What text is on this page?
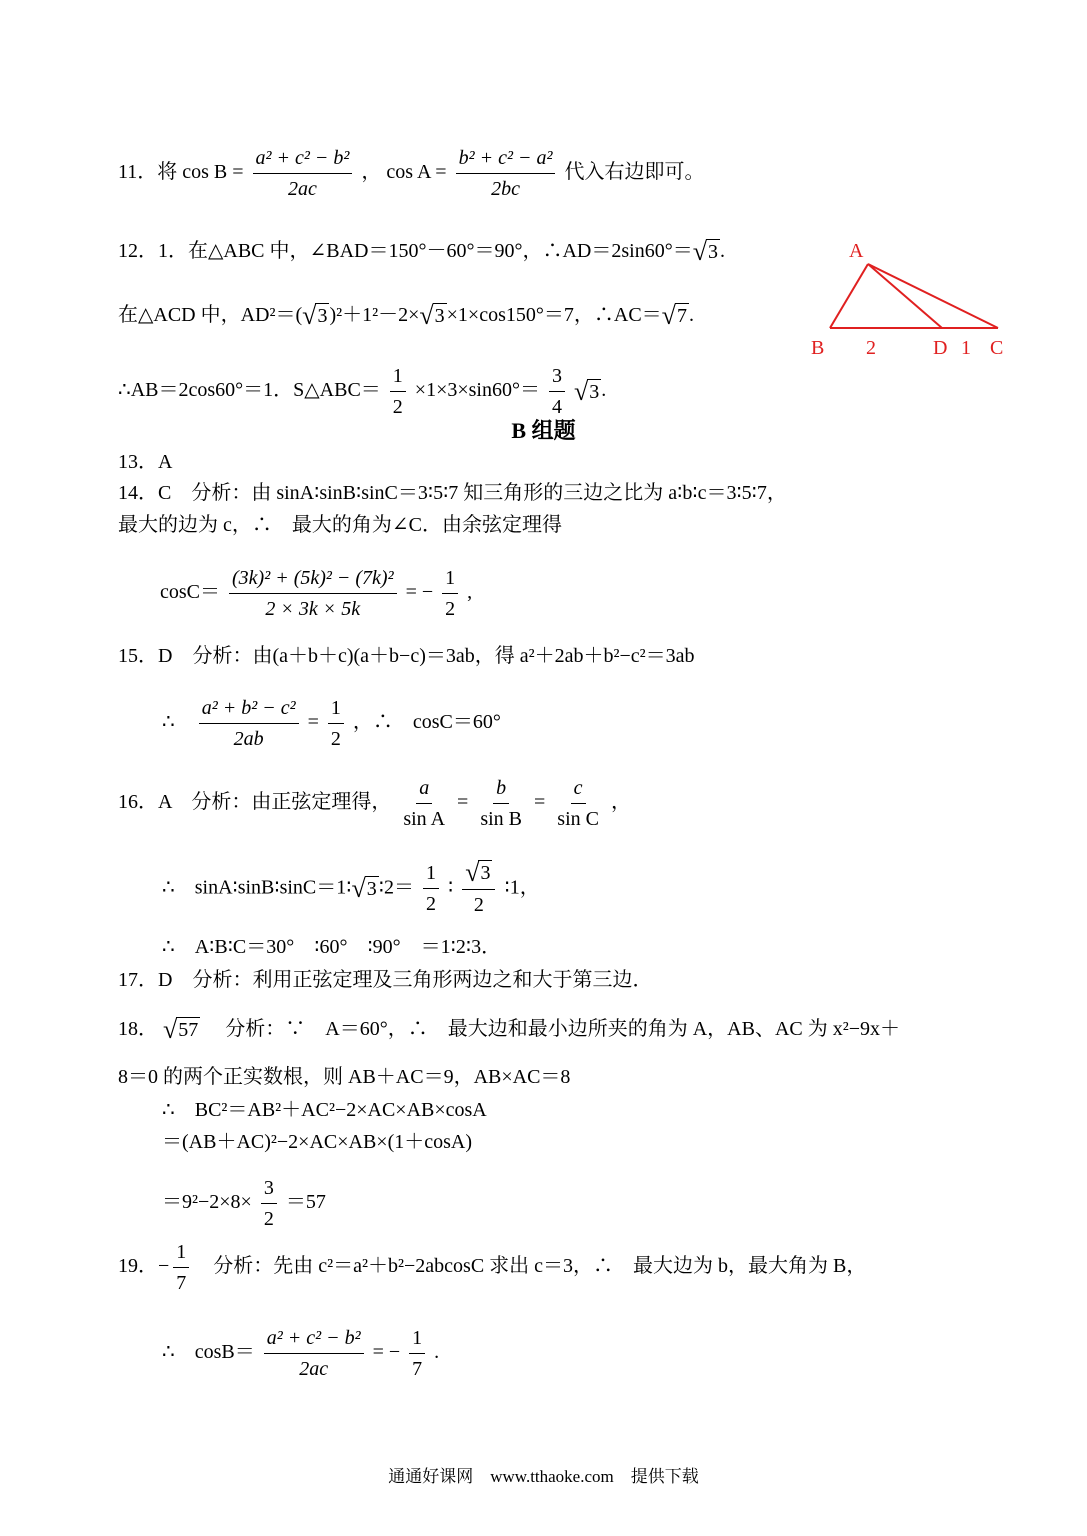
11．将 $\cos B = \frac{\text{a² + c² − b²}}{2ac}$ ， $\cos A = \frac{\text{b² + c² − a²}}{2bc}$ 代入右边即可。
12．1．在△ABC 中，∠BAD＝150°－60°＝90°，∴AD＝2sin60°＝ √ 3 .
在△ACD 中，AD²＝( √ 3 )²＋1²－2× √ 3 ×1×cos150°＝7，∴AC＝ √ 7 .
∴AB＝2cos60°＝1．S△ABC＝ $\frac{1}{2} \times 1\times 3\times\sin 60^\circ= \frac{3}{4}$
√ 3 .
A
B 2	D 1 C
B 组题
13．A
14．C　分析：由 sinA∶sinB∶sinC＝3∶5∶7 知三角形的三边之比为 a∶b∶c＝3∶5∶7，
最大的边为 c，∴　最大的角为∠C．由余弦定理得
$\cos C= \frac{\text{(3k)² + (5k)² − (7k)²}}{2 \times 3k \times 5k}$ = − $\frac{1}{2}$ ,
15．D　分析：由(a＋b＋c)(a＋b−c)＝3ab，得 a²＋2ab＋b²−c²＝3ab
∴ $\frac{\text{a² + b² − c²}}{2ab} = \frac{1}{2}$ ，∴　cosC＝60°
16．A　分析：由正弦定理得， $\frac{a}{\text{sin A}} = \frac{b}{\text{sin B}} = \frac{c}{\text{sin C}}$ ，
∴　sinA∶sinB∶sinC＝1∶ √ 3 ∶2＝ $\frac{1}{2}$ ∶ $\frac{√ 3}{2}$ ∶1，
∴　A∶B∶C＝30°　∶60°　∶90°　＝1∶2∶3．
17．D　分析：利用正弦定理及三角形两边之和大于第三边．
18． √ 57 分析：∵　A＝60°，∴　最大边和最小边所夹的角为 A，AB、AC 为 x²−9x＋
8＝0 的两个正实数根，则 AB＋AC＝9，AB×AC＝8
∴　BC²＝AB²＋AC²−2×AC×AB×cosA
＝(AB＋AC)²−2×AC×AB×(1＋cosA)
$=9^2-2\times 8\times \frac{3}{2} =57$
19．− $\frac{1}{7}$ 分析：先由 c²＝a²＋b²−2abcosC 求出 c＝3，∴　最大边为 b，最大角为 B，
∴　$\cos B= \frac{\text{a² + c² − b²}}{2ac}$ = − $\frac{1}{7}$ .
通通好课网　www.tthaoke.com　提供下载
